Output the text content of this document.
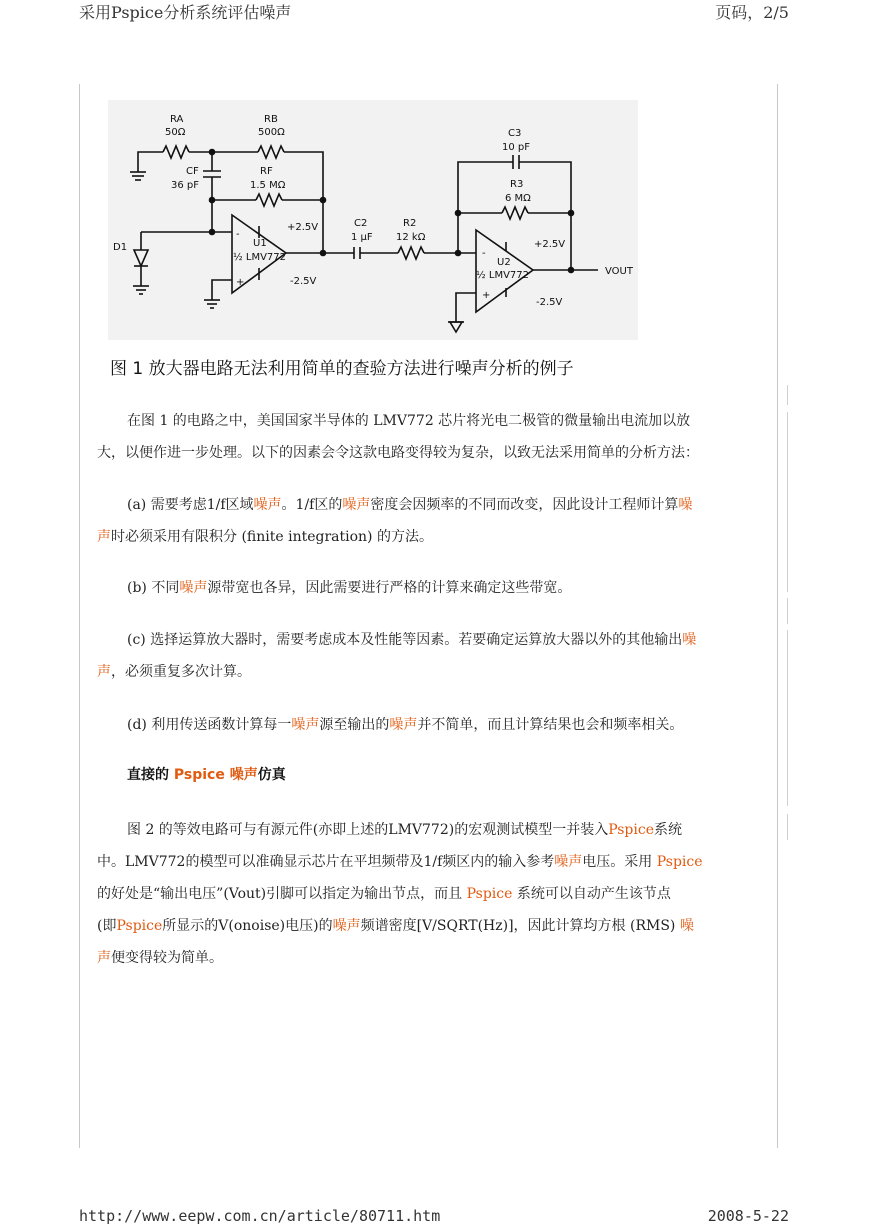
采用Pspice分析系统评估噪声	页码，2/5
RA
50Ω
RB
500Ω
CF
36 pF
RF
1.5 MΩ
D1
-
+
U1
½ LMV772
+2.5V
-2.5V
C2
1 µF
R2
12 kΩ
C3
10 pF
R3
6 MΩ
-
+
U2
½ LMV772
+2.5V
-2.5V
VOUT
图 1 放大器电路无法利用简单的查验方法进行噪声分析的例子

在图 1 的电路之中，美国国家半导体的 LMV772 芯片将光电二极管的微量输出电流加以放
大，以便作进一步处理。以下的因素会令这款电路变得较为复杂，以致无法采用简单的分析方法：

(a) 需要考虑1/f区域噪声。1/f区的噪声密度会因频率的不同而改变，因此设计工程师计算噪
声时必须采用有限积分 (finite integration) 的方法。

(b) 不同噪声源带宽也各异，因此需要进行严格的计算来确定这些带宽。

(c) 选择运算放大器时，需要考虑成本及性能等因素。若要确定运算放大器以外的其他输出噪
声，必须重复多次计算。

(d) 利用传送函数计算每一噪声源至输出的噪声并不简单，而且计算结果也会和频率相关。

直接的 Pspice 噪声仿真

图 2 的等效电路可与有源元件(亦即上述的LMV772)的宏观测试模型一并装入Pspice系统
中。LMV772的模型可以准确显示芯片在平坦频带及1/f频区内的输入参考噪声电压。采用 Pspice
的好处是“输出电压”(Vout)引脚可以指定为输出节点，而且 Pspice 系统可以自动产生该节点
(即Pspice所显示的V(onoise)电压)的噪声频谱密度[V/SQRT(Hz)]，因此计算均方根 (RMS) 噪
声便变得较为简单。

http://www.eepw.com.cn/article/80711.htm	2008-5-22
